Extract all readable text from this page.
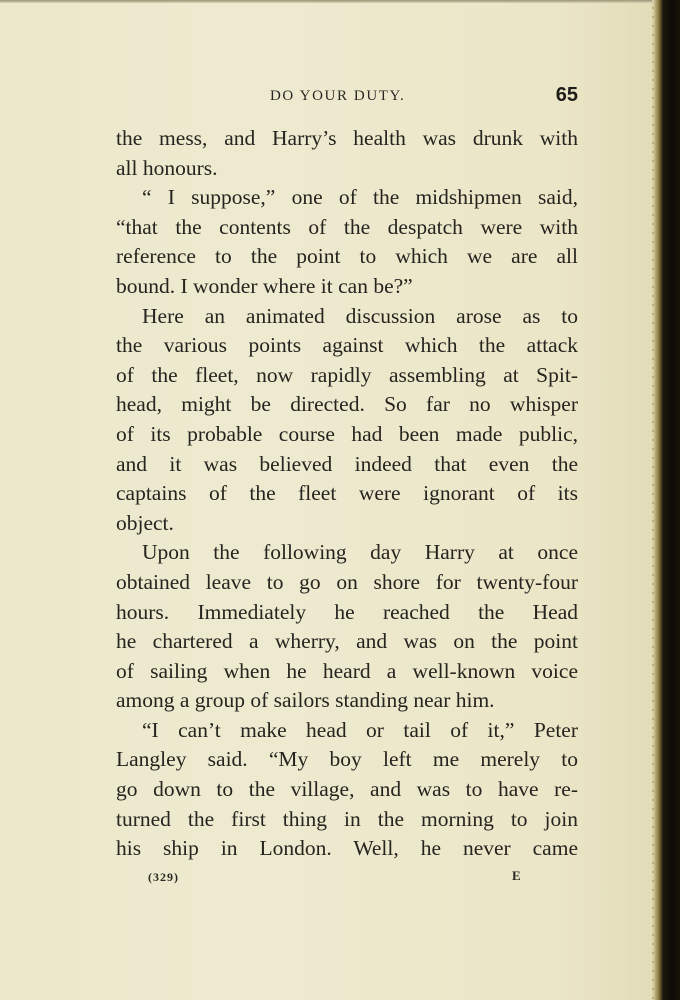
DO YOUR DUTY.	65
the mess, and Harry’s health was drunk with
all honours.
“ I suppose,” one of the midshipmen said,
“that the contents of the despatch were with
reference to the point to which we are all
bound. I wonder where it can be?”
Here an animated discussion arose as to
the various points against which the attack
of the fleet, now rapidly assembling at Spit-
head, might be directed. So far no whisper
of its probable course had been made public,
and it was believed indeed that even the
captains of the fleet were ignorant of its
object.
Upon the following day Harry at once
obtained leave to go on shore for twenty-four
hours. Immediately he reached the Head
he chartered a wherry, and was on the point
of sailing when he heard a well-known voice
among a group of sailors standing near him.
“I can’t make head or tail of it,” Peter
Langley said. “My boy left me merely to
go down to the village, and was to have re-
turned the first thing in the morning to join
his ship in London. Well, he never came
(329)	E
